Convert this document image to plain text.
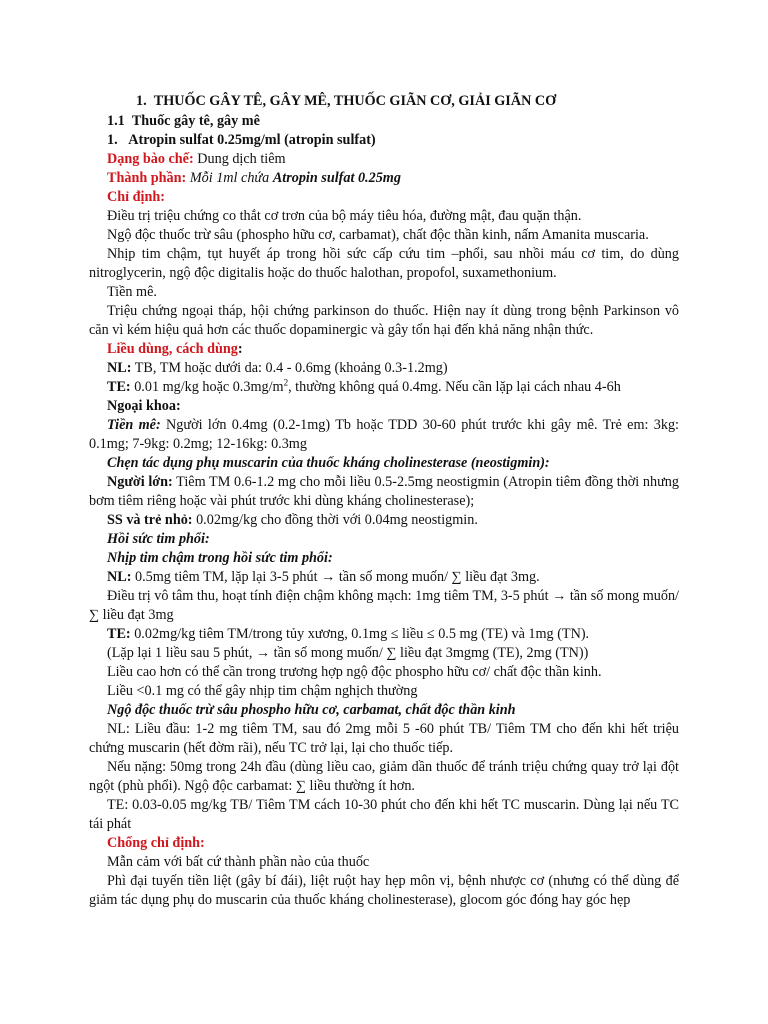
1.  THUỐC GÂY TÊ, GÂY MÊ, THUỐC GIÃN CƠ, GIẢI GIÃN CƠ

1.1  Thuốc gây tê, gây mê

1.   Atropin sulfat 0.25mg/ml (atropin sulfat)

Dạng bào chế: Dung dịch tiêm

Thành phần: Mỗi 1ml chứa Atropin sulfat 0.25mg

Chỉ định:

Điều trị triệu chứng co thắt cơ trơn của bộ máy tiêu hóa, đường mật, đau quặn thận.

Ngộ độc thuốc trừ sâu (phospho hữu cơ, carbamat), chất độc thần kinh, nấm Amanita muscaria.

Nhịp tim chậm, tụt huyết áp trong hồi sức cấp cứu tim –phổi, sau nhồi máu cơ tim, do dùng nitroglycerin, ngộ độc digitalis hoặc do thuốc halothan, propofol, suxamethonium.

Tiền mê.

Triệu chứng ngoại tháp, hội chứng parkinson do thuốc. Hiện nay ít dùng trong bệnh Parkinson vô căn vì kém hiệu quả hơn các thuốc dopaminergic và gây tổn hại đến khả năng nhận thức.

Liều dùng, cách dùng:

NL: TB, TM hoặc dưới da: 0.4 - 0.6mg (khoảng 0.3-1.2mg)

TE: 0.01 mg/kg hoặc $0.3mg/m^2$, thường không quá 0.4mg. Nếu cần lặp lại cách nhau 4-6h

Ngoại khoa:

Tiền mê: Người lớn 0.4mg (0.2-1mg) Tb hoặc TDD 30-60 phút trước khi gây mê. Trẻ em: 3kg: 0.1mg; 7-9kg: 0.2mg; 12-16kg: 0.3mg

Chẹn tác dụng phụ muscarin của thuốc kháng cholinesterase (neostigmin):

Người lớn: Tiêm TM 0.6-1.2 mg cho mỗi liều 0.5-2.5mg neostigmin (Atropin tiêm đồng thời nhưng bơm tiêm riêng hoặc vài phút trước khi dùng kháng cholinesterase);

SS và trẻ nhỏ: 0.02mg/kg cho đồng thời với 0.04mg neostigmin.

Hồi sức tim phổi:

Nhịp tim chậm trong hồi sức tim phổi:

NL: 0.5mg tiêm TM, lặp lại 3-5 phút → tần số mong muốn/ ∑ liều đạt 3mg.

Điều trị vô tâm thu, hoạt tính điện chậm không mạch: 1mg tiêm TM, 3-5 phút → tần số mong muốn/ ∑ liều đạt 3mg

TE: 0.02mg/kg tiêm TM/trong tủy xương, 0.1mg ≤ liều ≤ 0.5 mg (TE) và 1mg (TN).

(Lặp lại 1 liều sau 5 phút, → tần số mong muốn/ ∑ liều đạt 3mgmg (TE), 2mg (TN))

Liều cao hơn có thể cần trong trương hợp ngộ độc phospho hữu cơ/ chất độc thần kinh.

Liều <0.1 mg có thể gây nhịp tim chậm nghịch thường

Ngộ độc thuốc trừ sâu phospho hữu cơ, carbamat, chất độc thần kinh

NL: Liều đầu: 1-2 mg tiêm TM, sau đó 2mg mỗi 5 -60 phút TB/ Tiêm TM cho đến khi hết triệu chứng muscarin (hết đờm rãi), nếu TC trở lại, lại cho thuốc tiếp.

Nếu nặng: 50mg trong 24h đầu (dùng liều cao, giảm dần thuốc để tránh triệu chứng quay trở lại đột ngột (phù phổi). Ngộ độc carbamat: ∑ liều thường ít hơn.

TE: 0.03-0.05 mg/kg TB/ Tiêm TM cách 10-30 phút cho đến khi hết TC muscarin. Dùng lại nếu TC tái phát

Chống chỉ định:

Mẫn cảm với bất cứ thành phần nào của thuốc

Phì đại tuyến tiền liệt (gây bí đái), liệt ruột hay hẹp môn vị, bệnh nhược cơ (nhưng có thể dùng để giảm tác dụng phụ do muscarin của thuốc kháng cholinesterase), glocom góc đóng hay góc hẹp
